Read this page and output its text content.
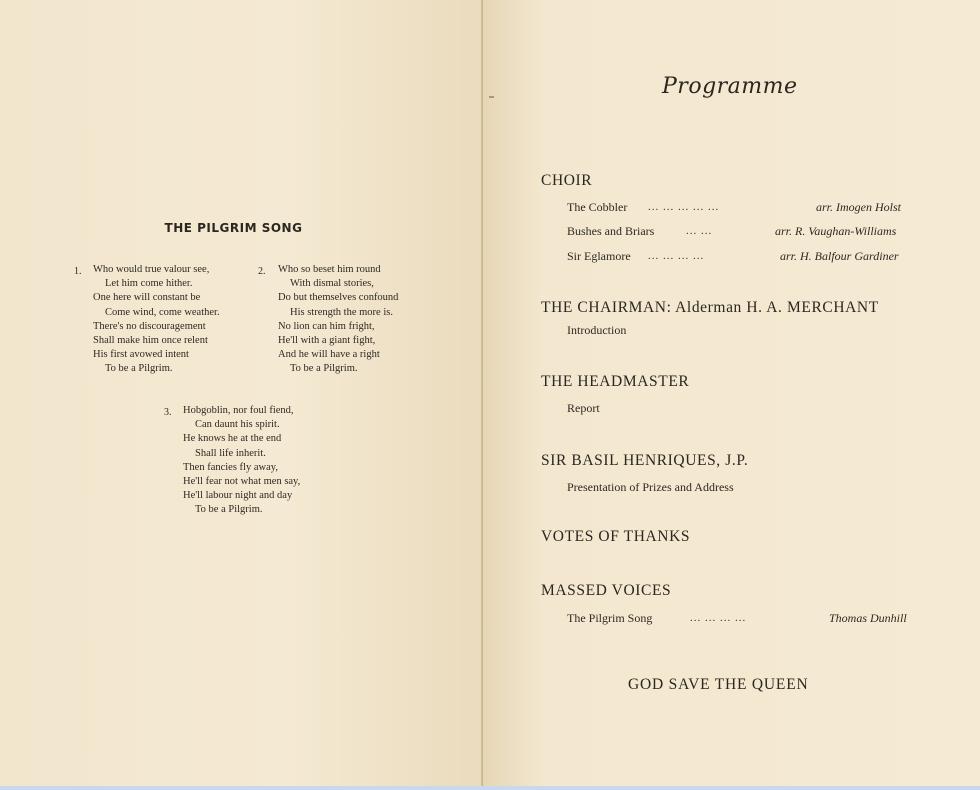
THE PILGRIM SONG
1. Who would true valour see,
Let him come hither.
One here will constant be
Come wind, come weather.
There's no discouragement
Shall make him once relent
His first avowed intent
To be a Pilgrim.
2. Who so beset him round
With dismal stories,
Do but themselves confound
His strength the more is.
No lion can him fright,
He'll with a giant fight,
And he will have a right
To be a Pilgrim.
3. Hobgoblin, nor foul fiend,
Can daunt his spirit.
He knows he at the end
Shall life inherit.
Then fancies fly away,
He'll fear not what men say,
He'll labour night and day
To be a Pilgrim.
Programme
CHOIR
The Cobbler ... ... ... ... ...	arr. Imogen Holst
Bushes and Briars	... ...	arr. R. Vaughan-Williams
Sir Eglamore ... ... ... ...	arr. H. Balfour Gardiner
THE CHAIRMAN: Alderman H. A. MERCHANT
Introduction
THE HEADMASTER
Report
SIR BASIL HENRIQUES, J.P.
Presentation of Prizes and Address
VOTES OF THANKS
MASSED VOICES
The Pilgrim Song	... ... ... ...	Thomas Dunhill
GOD SAVE THE QUEEN
